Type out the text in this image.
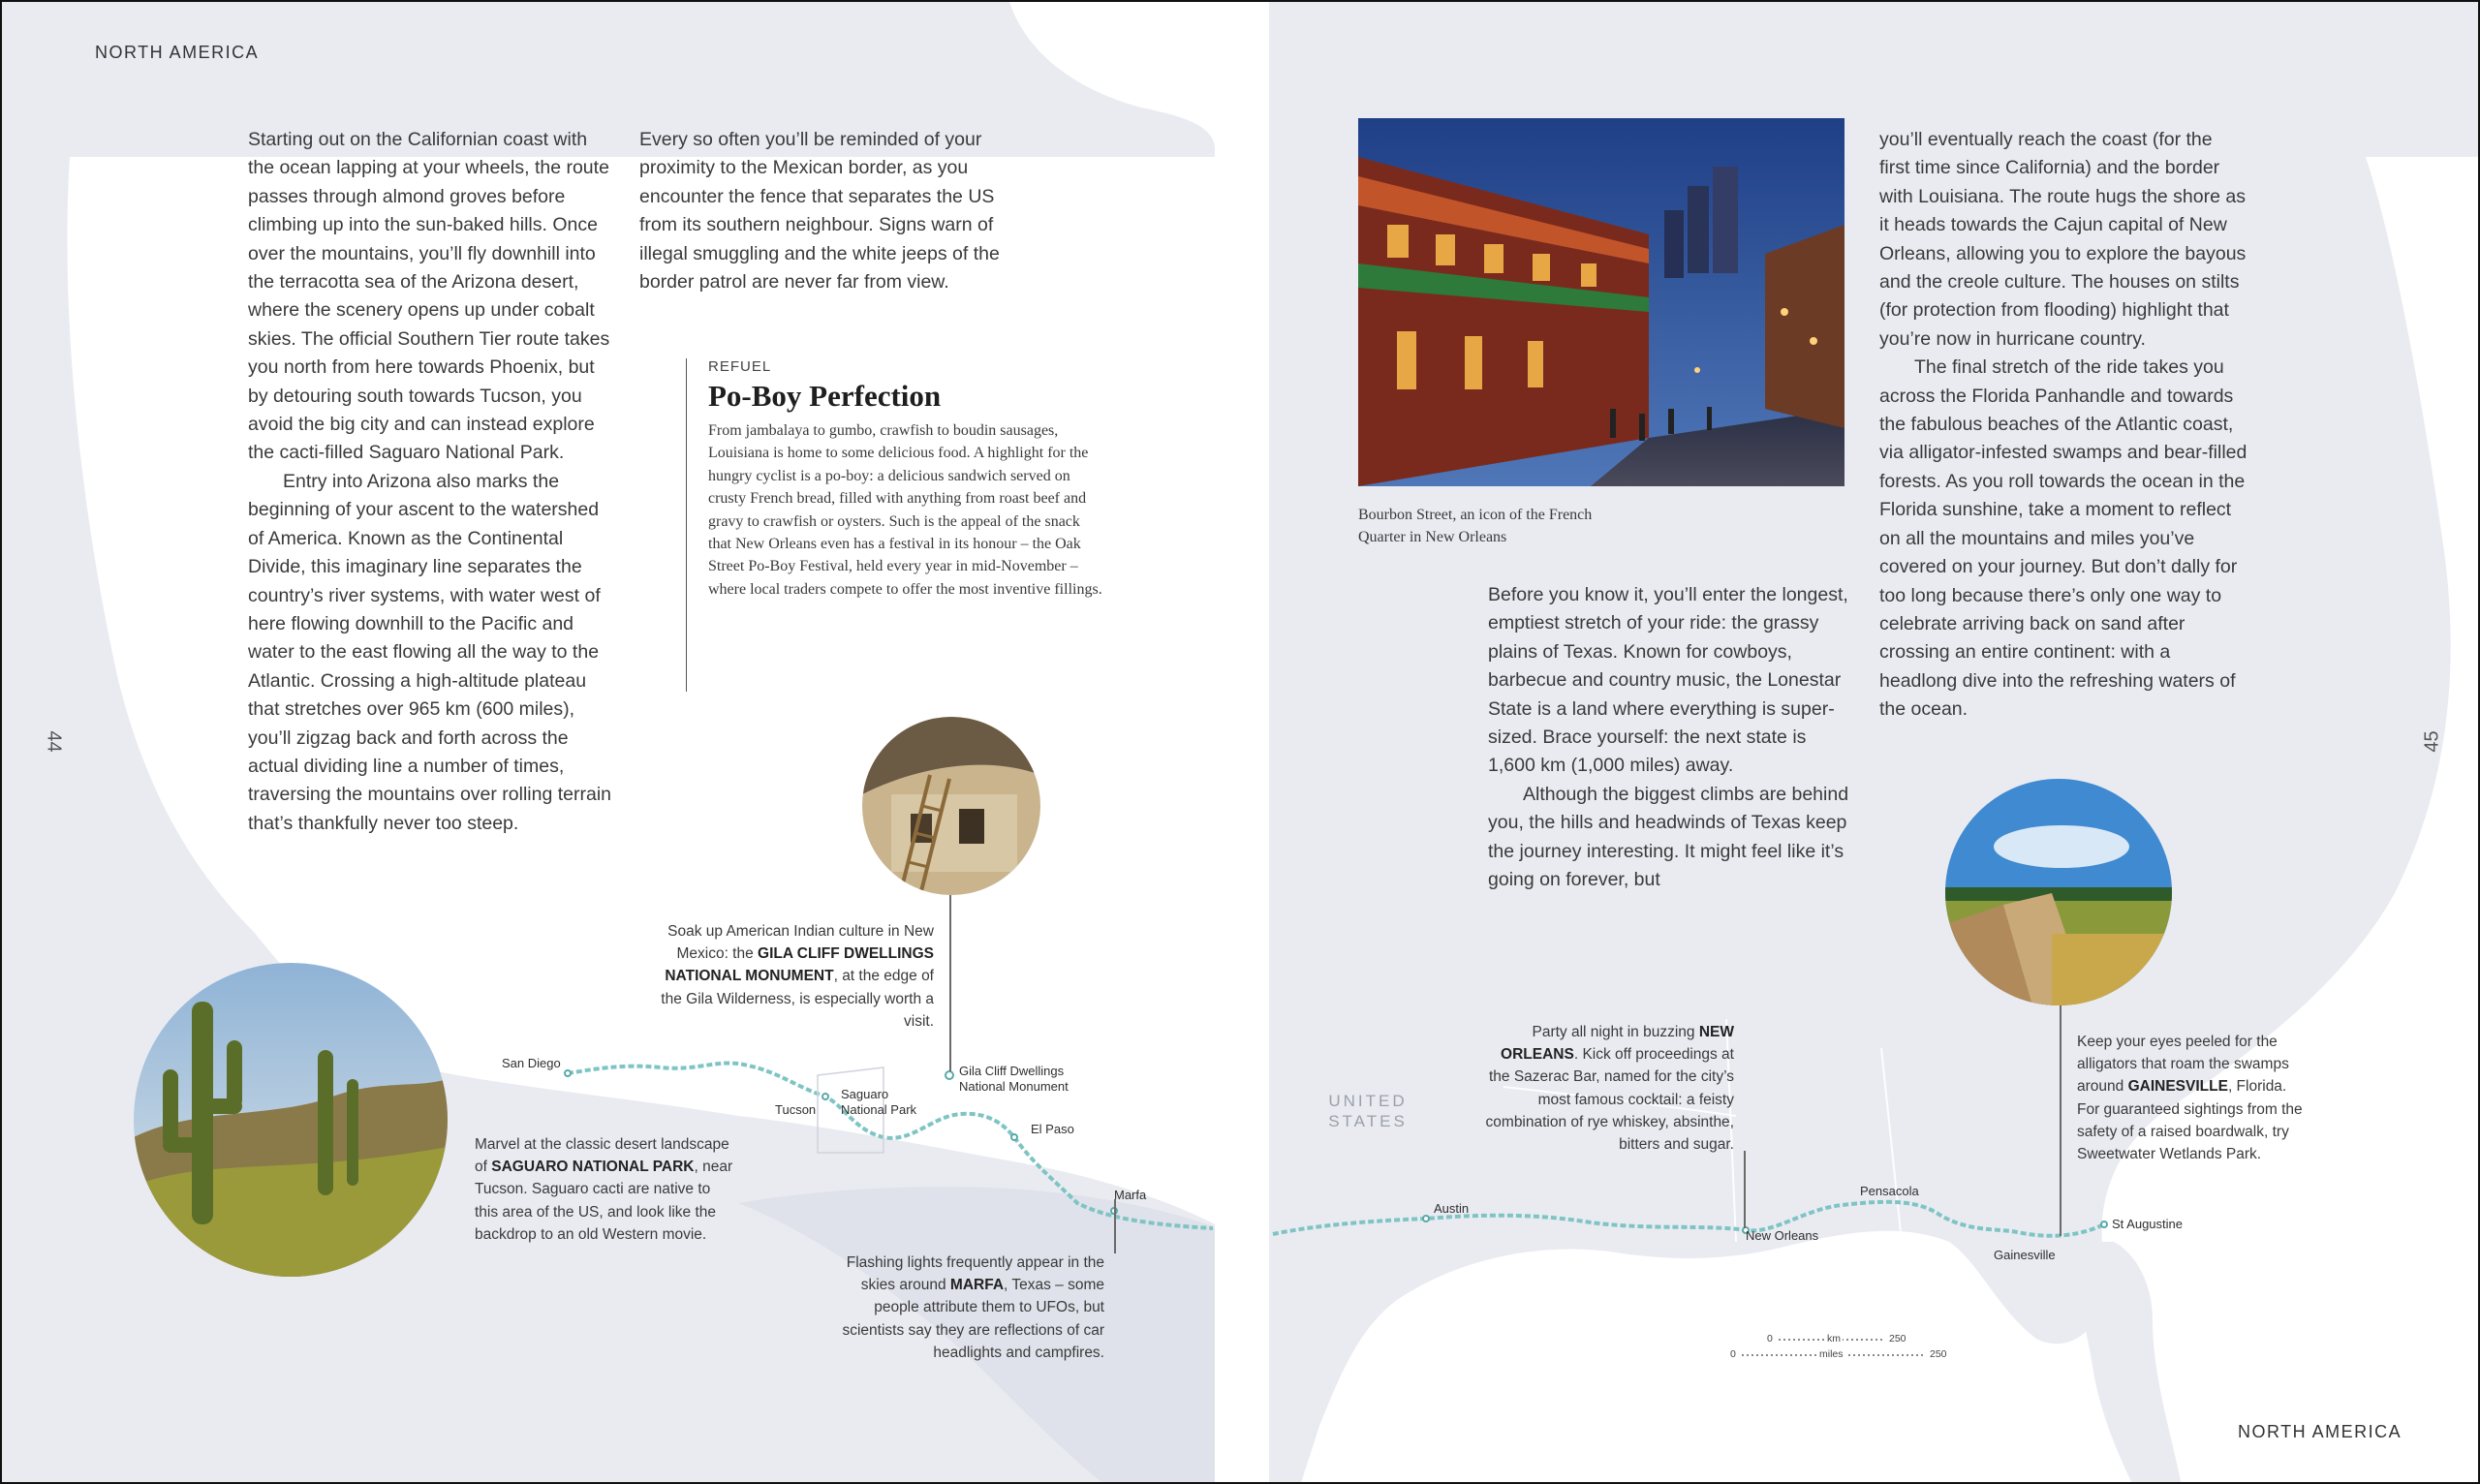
NORTH AMERICA
NORTH AMERICA
44	45

Starting out on the Californian coast with the ocean lapping at your wheels, the route passes through almond groves before climbing up into the sun-baked hills. Once over the mountains, you’ll fly downhill into the terracotta sea of the Arizona desert, where the scenery opens up under cobalt skies. The official Southern Tier route takes you north from here towards Phoenix, but by detouring south towards Tucson, you avoid the big city and can instead explore the cacti-filled Saguaro National Park.

Entry into Arizona also marks the beginning of your ascent to the watershed of America. Known as the Continental Divide, this imaginary line separates the country’s river systems, with water west of here flowing downhill to the Pacific and water to the east flowing all the way to the Atlantic. Crossing a high-altitude plateau that stretches over 965 km (600 miles), you’ll zigzag back and forth across the actual dividing line a number of times, traversing the mountains over rolling terrain that’s thankfully never too steep.

Every so often you’ll be reminded of your proximity to the Mexican border, as you encounter the fence that separates the US from its southern neighbour. Signs warn of illegal smuggling and the white jeeps of the border patrol are never far from view.

REFUEL
Po-Boy Perfection
From jambalaya to gumbo, crawfish to boudin sausages, Louisiana is home to some delicious food. A highlight for the hungry cyclist is a po-boy: a delicious sandwich served on crusty French bread, filled with anything from roast beef and gravy to crawfish or oysters. Such is the appeal of the snack that New Orleans even has a festival in its honour – the Oak Street Po-Boy Festival, held every year in mid-November – where local traders compete to offer the most inventive fillings.
Bourbon Street, an icon of the French Quarter in New Orleans

Before you know it, you’ll enter the longest, emptiest stretch of your ride: the grassy plains of Texas. Known for cowboys, barbecue and country music, the Lonestar State is a land where everything is super-sized. Brace yourself: the next state is 1,600 km (1,000 miles) away.

Although the biggest climbs are behind you, the hills and headwinds of Texas keep the journey interesting. It might feel like it’s going on forever, but

you’ll eventually reach the coast (for the first time since California) and the border with Louisiana. The route hugs the shore as it heads towards the Cajun capital of New Orleans, allowing you to explore the bayous and the creole culture. The houses on stilts (for protection from flooding) highlight that you’re now in hurricane country.

The final stretch of the ride takes you across the Florida Panhandle and towards the fabulous beaches of the Atlantic coast, via alligator-infested swamps and bear-filled forests. As you roll towards the ocean in the Florida sunshine, take a moment to reflect on all the mountains and miles you’ve covered on your journey. But don’t dally for too long because there’s only one way to celebrate arriving back on sand after crossing an entire continent: with a headlong dive into the refreshing waters of the ocean.

San Diego
Tucson
Saguaro National Park
Gila Cliff Dwellings National Monument
El Paso
Marfa
Austin
New Orleans
Pensacola
Gainesville
St Augustine
UNITED STATES
0	km	250
0	miles	250
Soak up American Indian culture in New Mexico: the GILA CLIFF DWELLINGS NATIONAL MONUMENT, at the edge of the Gila Wilderness, is especially worth a visit.
Marvel at the classic desert landscape of SAGUARO NATIONAL PARK, near Tucson. Saguaro cacti are native to this area of the US, and look like the backdrop to an old Western movie.
Flashing lights frequently appear in the skies around MARFA, Texas – some people attribute them to UFOs, but scientists say they are reflections of car headlights and campfires.
Party all night in buzzing NEW ORLEANS. Kick off proceedings at the Sazerac Bar, named for the city’s most famous cocktail: a feisty combination of rye whiskey, absinthe, bitters and sugar.
Keep your eyes peeled for the alligators that roam the swamps around GAINESVILLE, Florida. For guaranteed sightings from the safety of a raised boardwalk, try Sweetwater Wetlands Park.
